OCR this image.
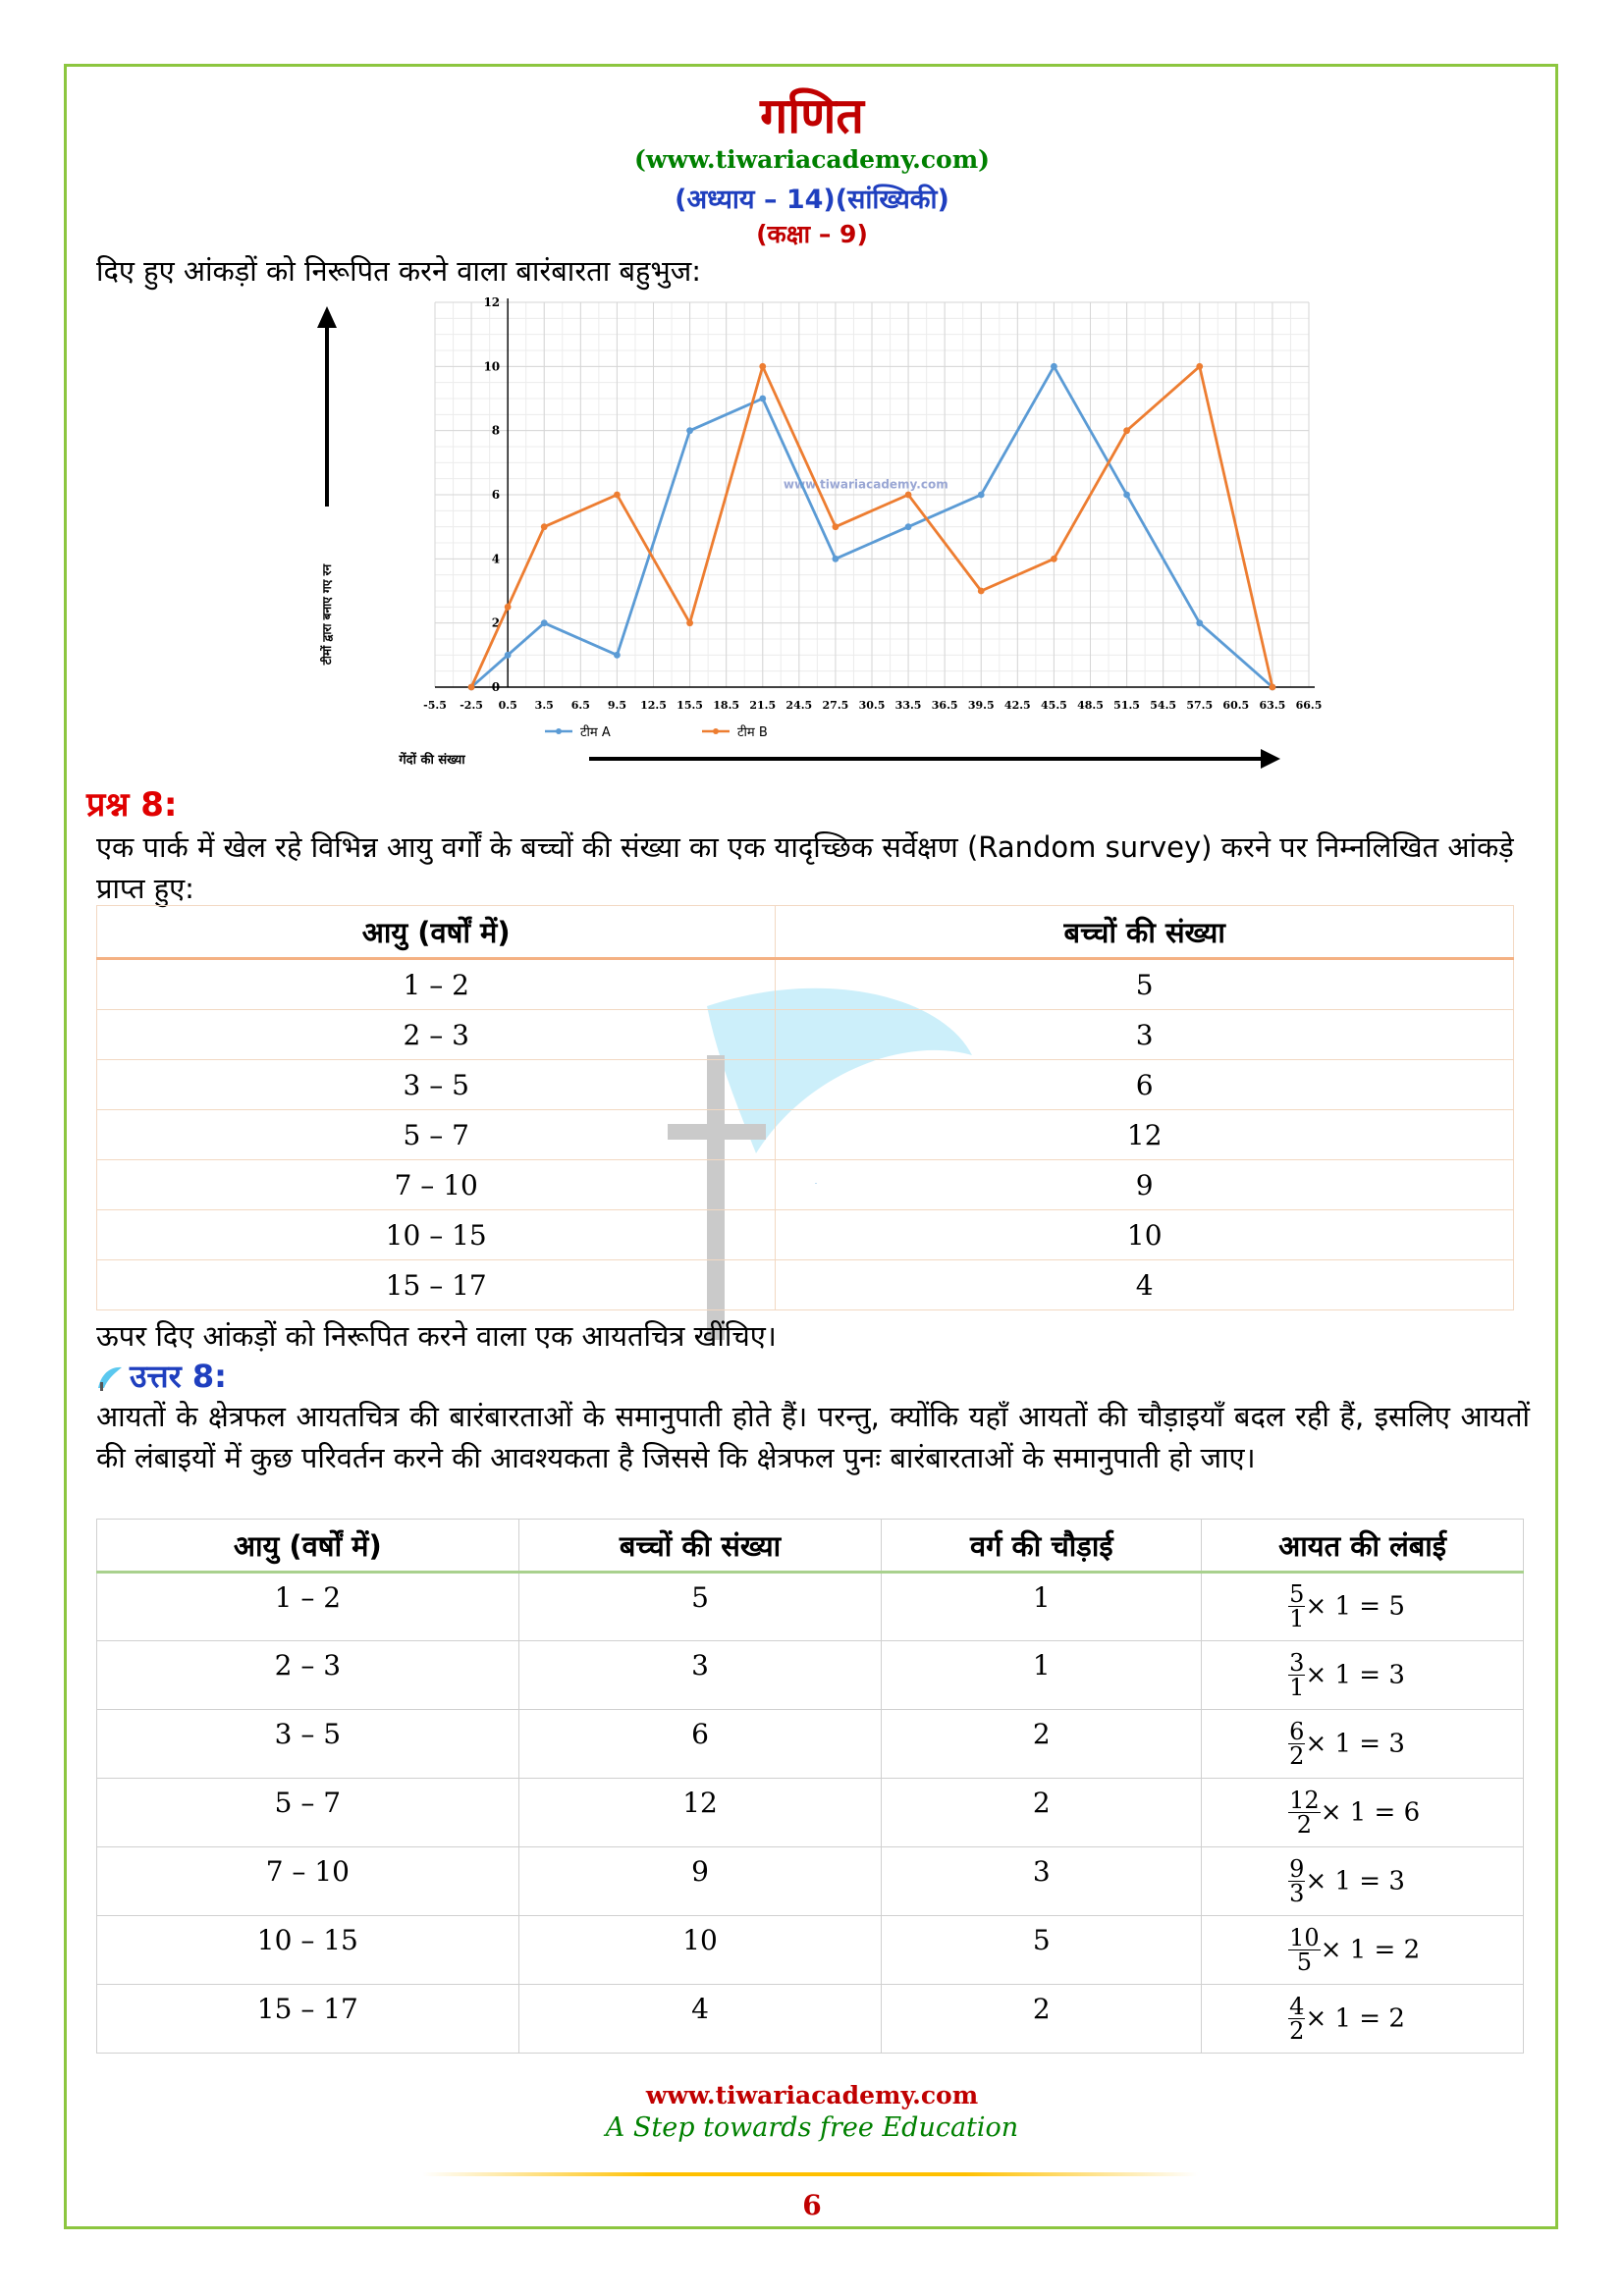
गणित
(www.tiwariacademy.com)
(अध्याय – 14)(सांख्यिकी)
(कक्षा – 9)
दिए हुए आंकड़ों को निरूपित करने वाला बारंबारता बहुभुज:
-5.5 -2.5 0.5 3.5 6.5 9.5 12.5 15.5 18.5 21.5 24.5 27.5 30.5 33.5 36.5 39.5 42.5 45.5 48.5 51.5 54.5 57.5 60.5 63.5 66.5
0
2
4
6
8
10
12
www.tiwariacademy.com
टीम A	टीम B
टीमों द्वारा बनाए गए रन
गेंदों की संख्या
प्रश्न 8:
एक पार्क में खेल रहे विभिन्न आयु वर्गों के बच्चों की संख्या का एक यादृच्छिक सर्वेक्षण (Random survey) करने पर निम्नलिखित आंकड़े प्राप्त हुए:
आयु (वर्षों में)	बच्चों की संख्या
1 – 2	5
2 – 3	3
3 – 5	6
5 – 7	12
7 – 10	9
10 – 15	10
15 – 17	4
ऊपर दिए आंकड़ों को निरूपित करने वाला एक आयतचित्र खींचिए।
उत्तर 8:
आयतों के क्षेत्रफल आयतचित्र की बारंबारताओं के समानुपाती होते हैं। परन्तु, क्योंकि यहाँ आयतों की चौड़ाइयाँ बदल रही हैं, इसलिए आयतों की लंबाइयों में कुछ परिवर्तन करने की आवश्यकता है जिससे कि क्षेत्रफल पुनः बारंबारताओं के समानुपाती हो जाए।
आयु (वर्षों में)	बच्चों की संख्या	वर्ग की चौड़ाई	आयत की लंबाई
1 – 2	5	1	$\frac{5}{1} \times 1 = 5$
2 – 3	3	1	$\frac{3}{1} \times 1 = 3$
3 – 5	6	2	$\frac{6}{2} \times 1 = 3$
5 – 7	12	2	$\frac{12}{2} \times 1 = 6$
7 – 10	9	3	$\frac{9}{3} \times 1 = 3$
10 – 15	10	5	$\frac{10}{5} \times 1 = 2$
15 – 17	4	2	$\frac{4}{2} \times 1 = 2$
www.tiwariacademy.com
A Step towards free Education
6
